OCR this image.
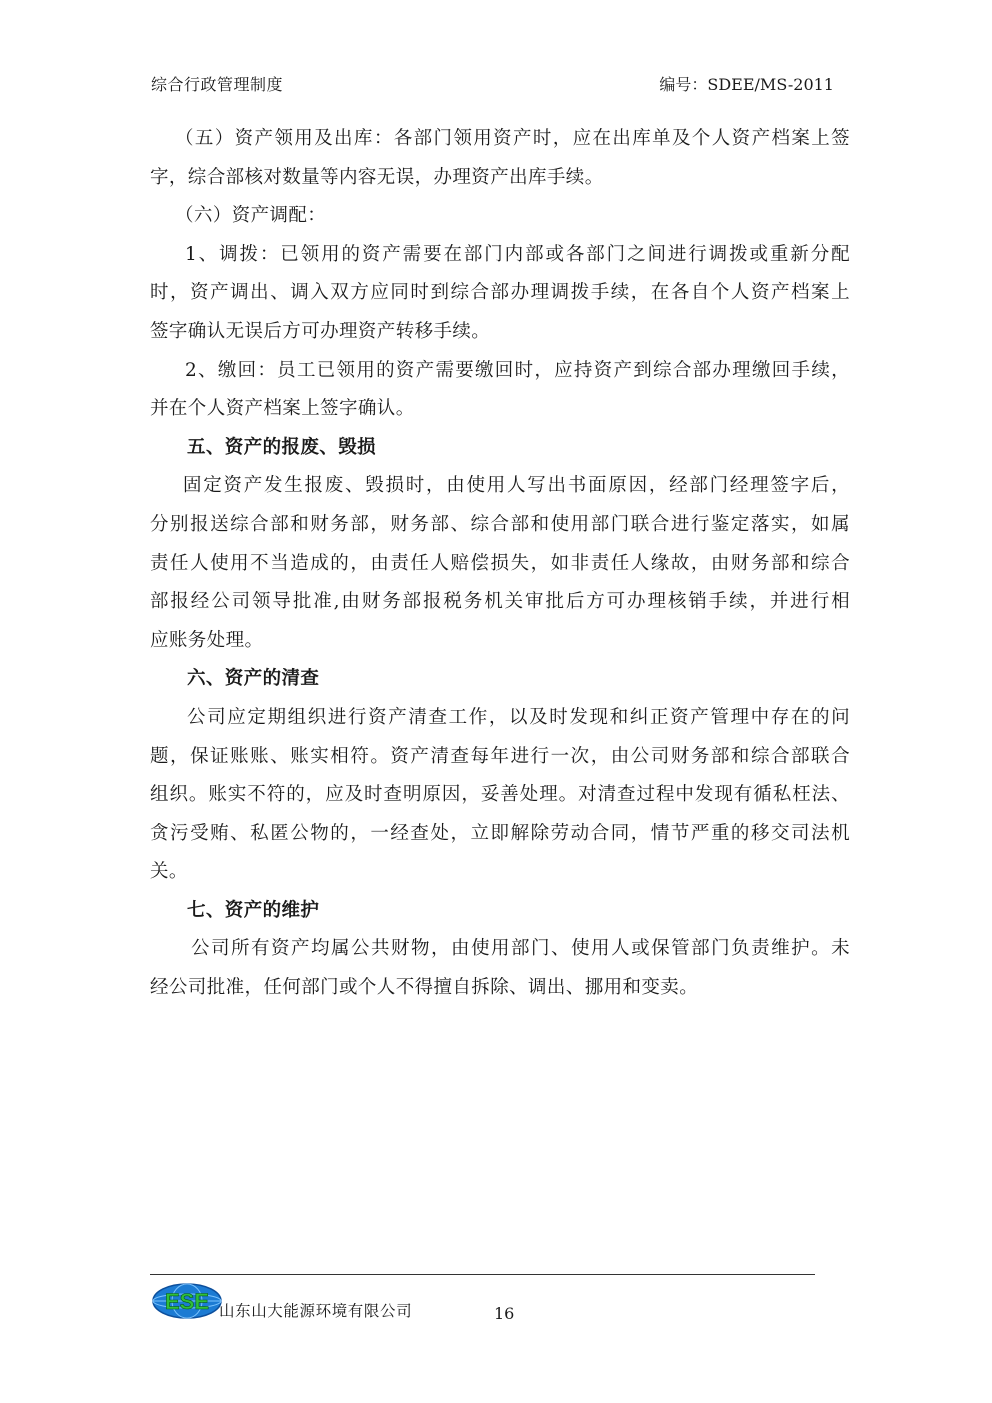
综合行政管理制度	编号：SDEE/MS-2011
（五）资产领用及出库：各部门领用资产时，应在出库单及个人资产档案上签
字，综合部核对数量等内容无误，办理资产出库手续。
（六）资产调配：
1、调拨：已领用的资产需要在部门内部或各部门之间进行调拨或重新分配
时，资产调出、调入双方应同时到综合部办理调拨手续，在各自个人资产档案上
签字确认无误后方可办理资产转移手续。
2、缴回：员工已领用的资产需要缴回时，应持资产到综合部办理缴回手续，
并在个人资产档案上签字确认。
五、资产的报废、毁损
固定资产发生报废、毁损时，由使用人写出书面原因，经部门经理签字后，
分别报送综合部和财务部，财务部、综合部和使用部门联合进行鉴定落实，如属
责任人使用不当造成的，由责任人赔偿损失，如非责任人缘故，由财务部和综合
部报经公司领导批准,由财务部报税务机关审批后方可办理核销手续，并进行相
应账务处理。
六、资产的清查
公司应定期组织进行资产清查工作，以及时发现和纠正资产管理中存在的问
题，保证账账、账实相符。资产清查每年进行一次，由公司财务部和综合部联合
组织。账实不符的，应及时查明原因，妥善处理。对清查过程中发现有循私枉法、
贪污受贿、私匿公物的，一经查处，立即解除劳动合同，情节严重的移交司法机
关。
七、资产的维护
公司所有资产均属公共财物，由使用部门、使用人或保管部门负责维护。未
经公司批准，任何部门或个人不得擅自拆除、调出、挪用和变卖。
ESE 山东山大能源环境有限公司	16
